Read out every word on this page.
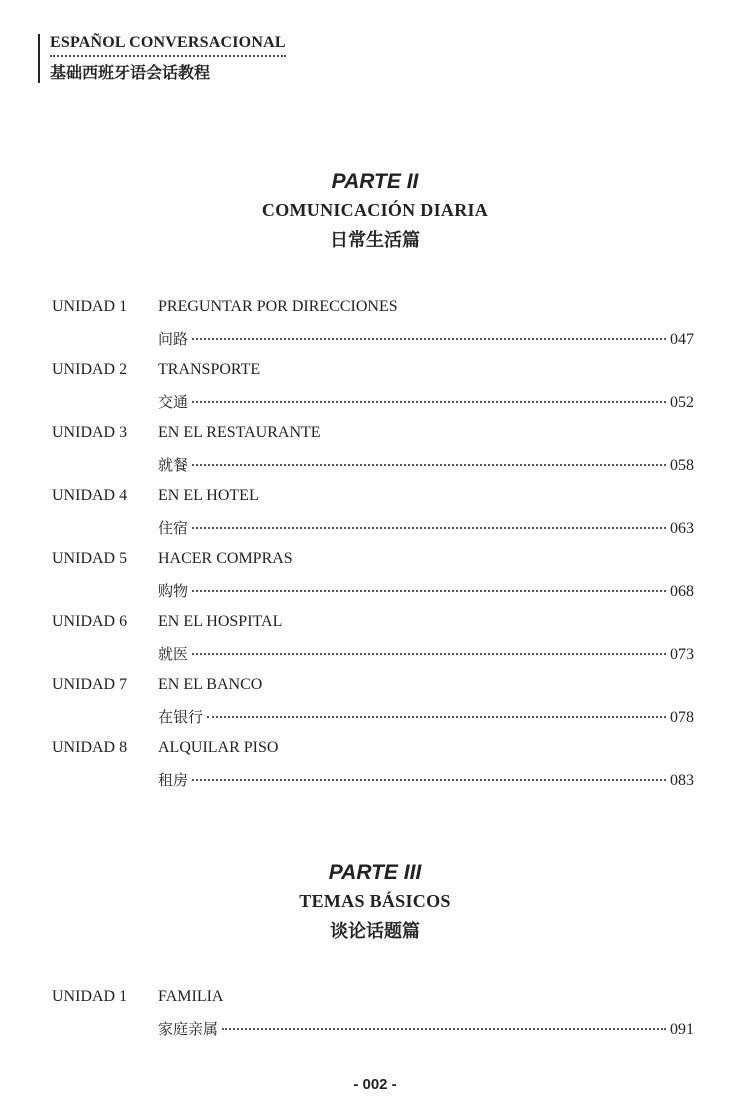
ESPAÑOL CONVERSACIONAL
基础西班牙语会话教程
PARTE II
COMUNICACIÓN DIARIA
日常生活篇
UNIDAD 1 PREGUNTAR POR DIRECCIONES
问路	047
UNIDAD 2 TRANSPORTE
交通	052
UNIDAD 3 EN EL RESTAURANTE
就餐	058
UNIDAD 4 EN EL HOTEL
住宿	063
UNIDAD 5 HACER COMPRAS
购物	068
UNIDAD 6 EN EL HOSPITAL
就医	073
UNIDAD 7 EN EL BANCO
在银行	078
UNIDAD 8 ALQUILAR PISO
租房	083
PARTE III
TEMAS BÁSICOS
谈论话题篇
UNIDAD 1 FAMILIA
家庭亲属	091
- 002 -
